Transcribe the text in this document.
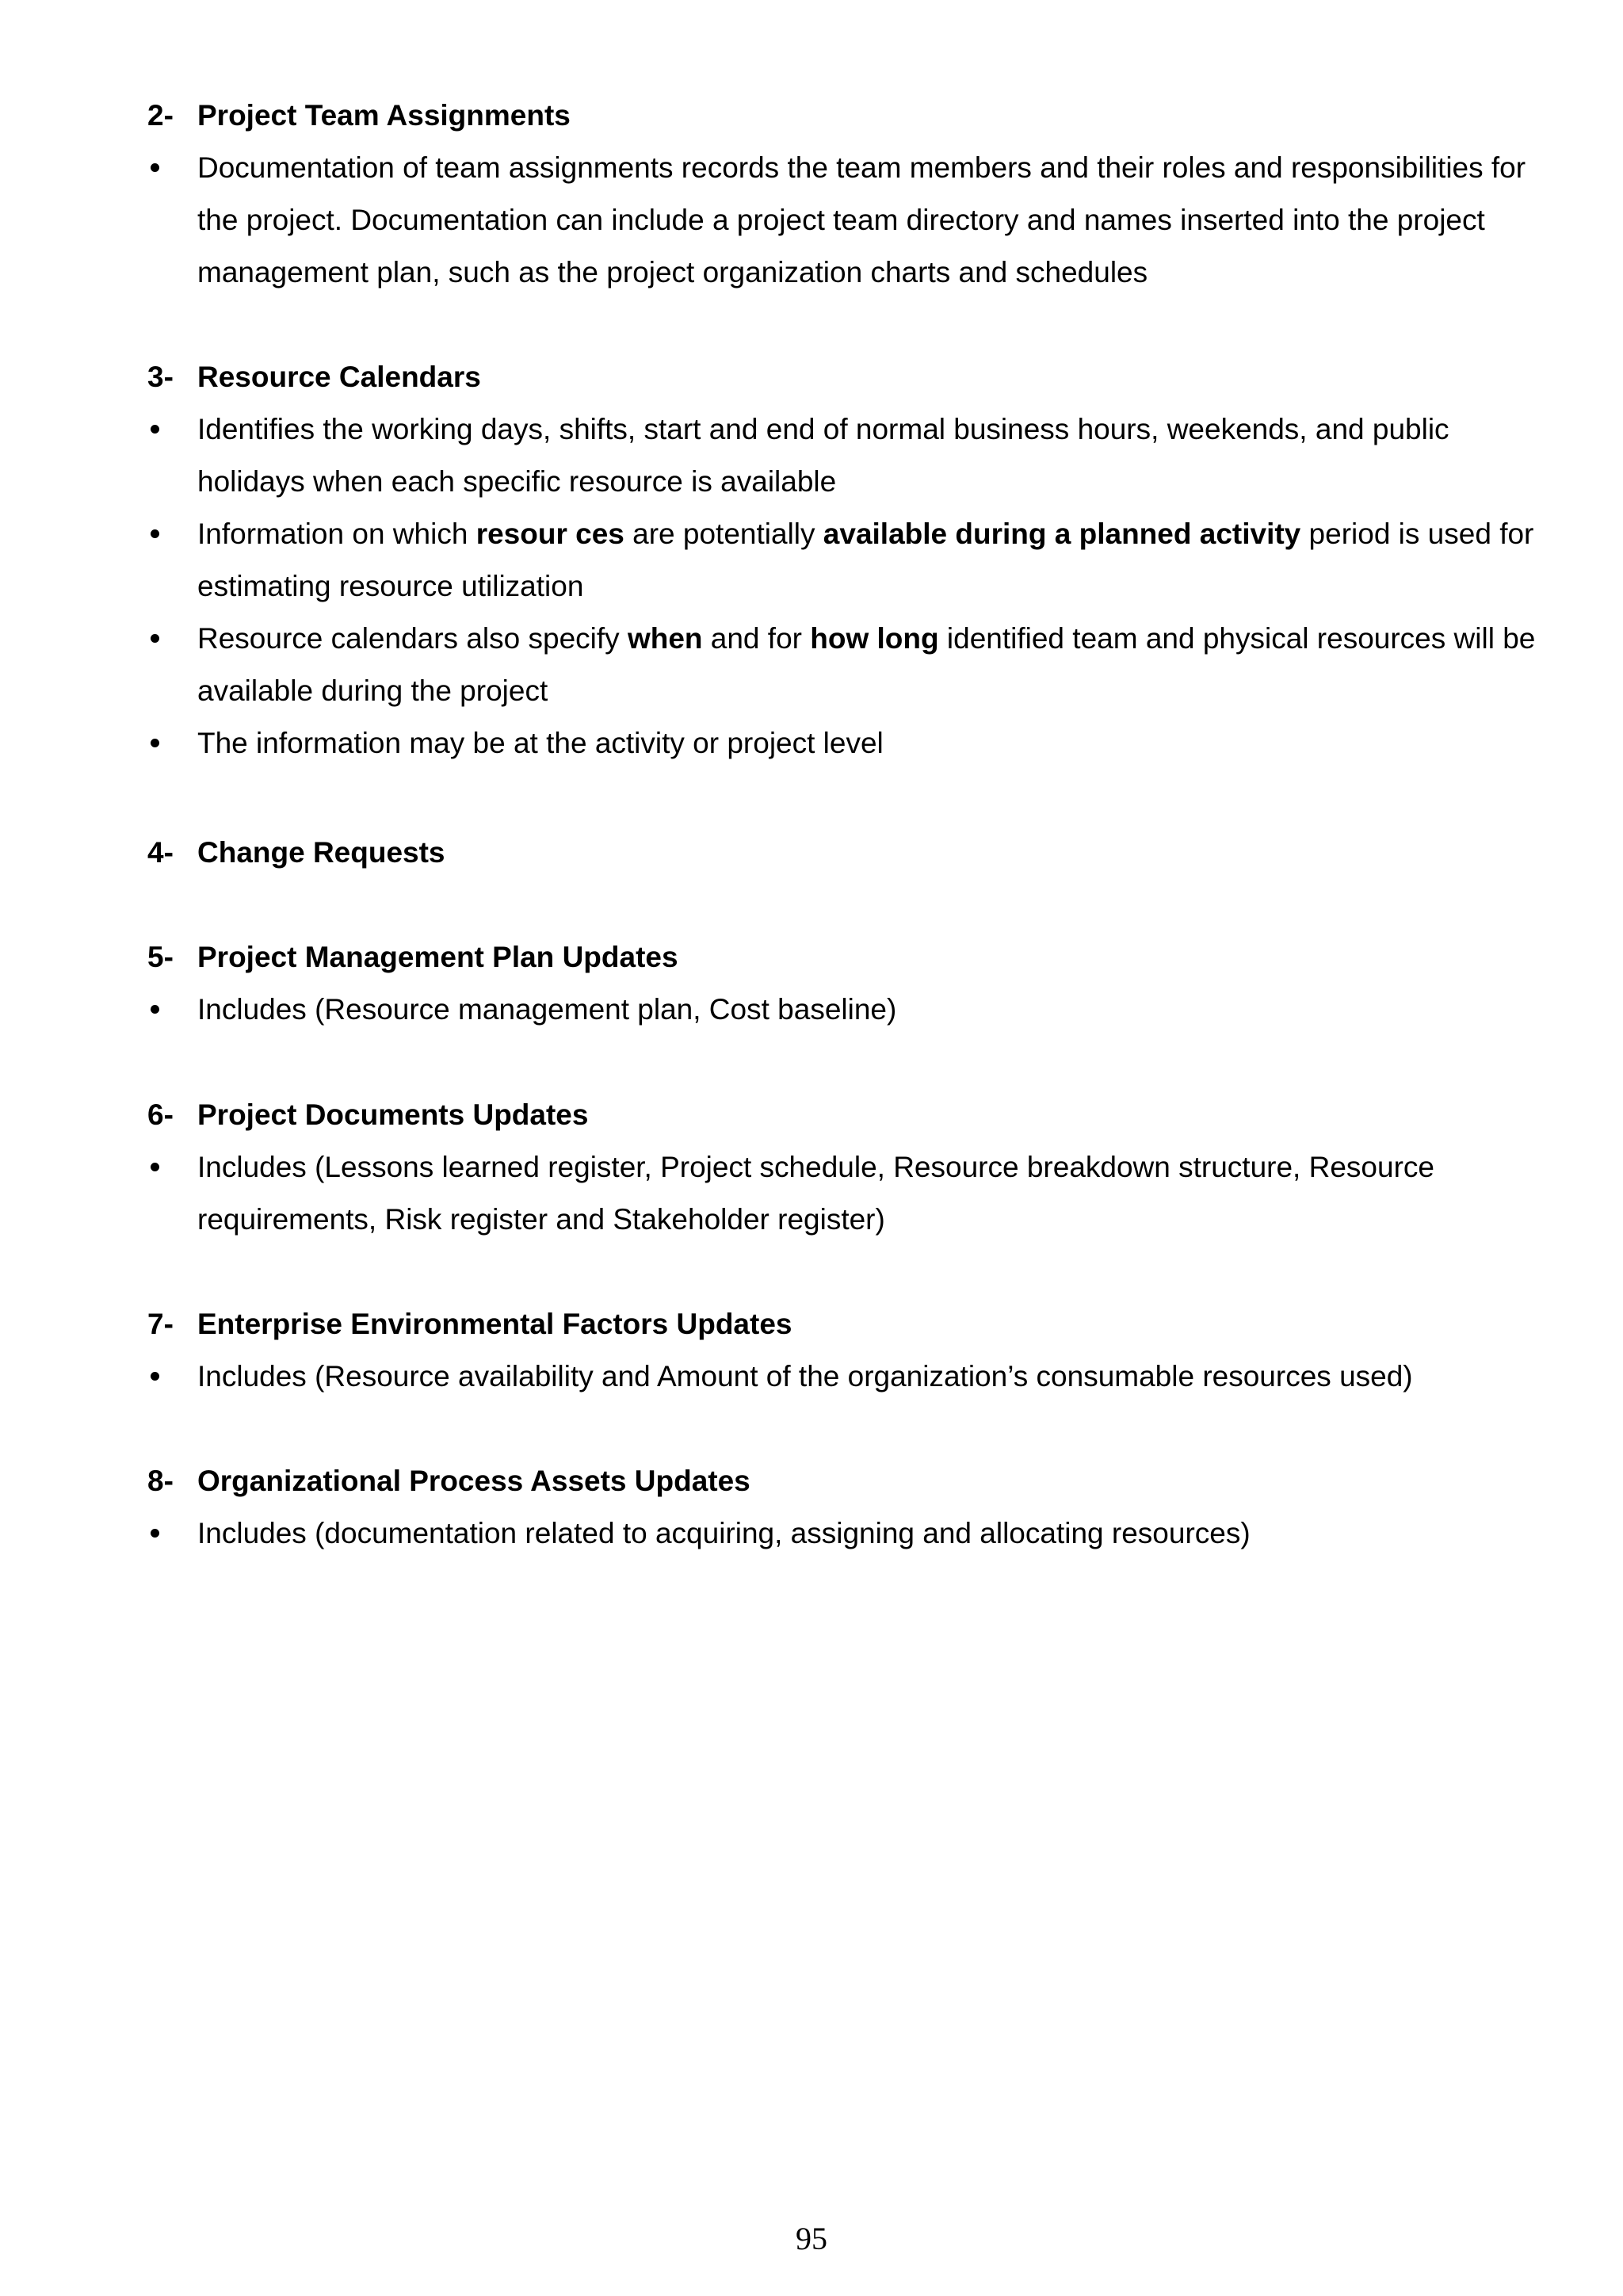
2- Project Team Assignments
Documentation of team assignments records the team members and their roles and responsibilities for the project. Documentation can include a project team directory and names inserted into the project management plan, such as the project organization charts and schedules
3- Resource Calendars
Identifies the working days, shifts, start and end of normal business hours, weekends, and public holidays when each specific resource is available
Information on which resour ces are potentially available during a planned activity period is used for estimating resource utilization
Resource calendars also specify when and for how long identified team and physical resources will be available during the project
The information may be at the activity or project level
4- Change Requests
5- Project Management Plan Updates
Includes (Resource management plan, Cost baseline)
6- Project Documents Updates
Includes (Lessons learned register, Project schedule, Resource breakdown structure, Resource requirements, Risk register and Stakeholder register)
7- Enterprise Environmental Factors Updates
Includes (Resource availability and Amount of the organization’s consumable resources used)
8- Organizational Process Assets Updates
Includes (documentation related to acquiring, assigning and allocating resources)
95
